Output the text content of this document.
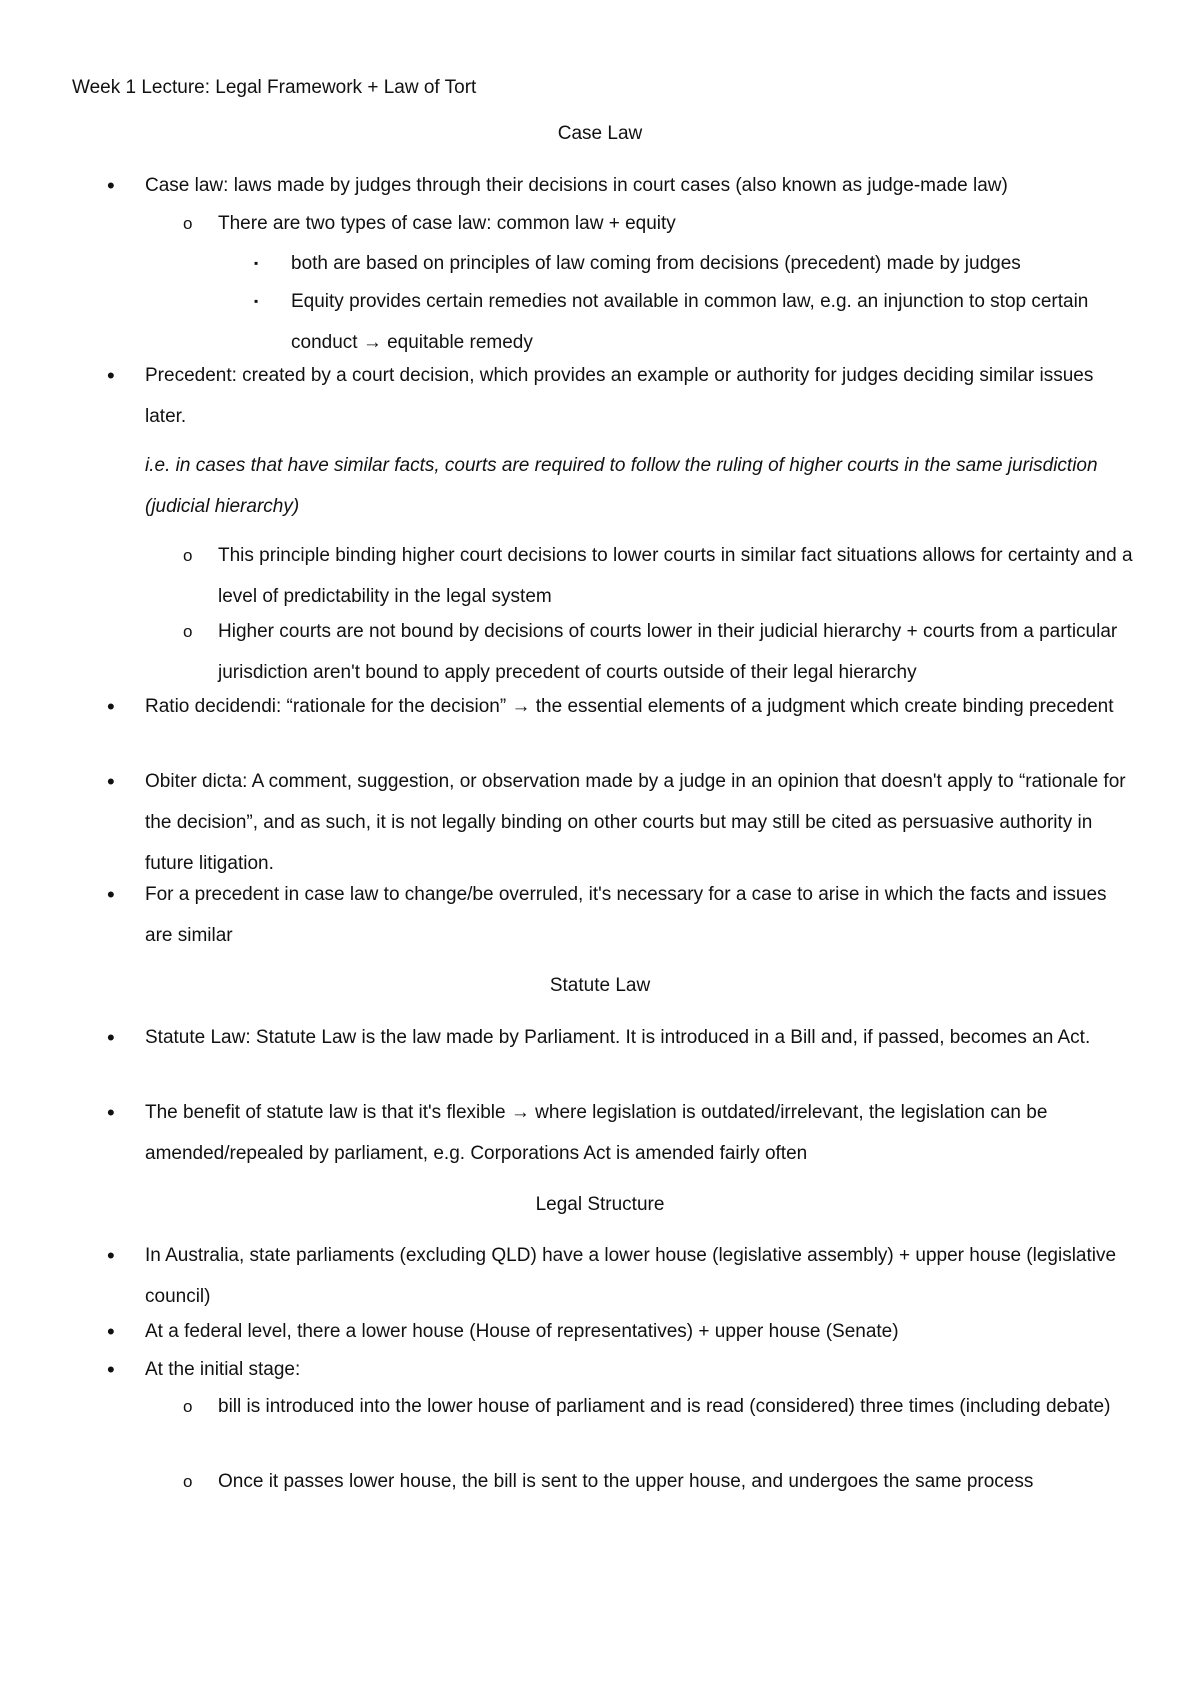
Week 1 Lecture: Legal Framework + Law of Tort
Case Law
• Case law: laws made by judges through their decisions in court cases (also known as judge-made law)

o There are two types of case law: common law + equity

▪ both are based on principles of law coming from decisions (precedent) made by judges

▪ Equity provides certain remedies not available in common law, e.g. an injunction to stop certain conduct → equitable remedy

• Precedent: created by a court decision, which provides an example or authority for judges deciding similar issues later.

i.e. in cases that have similar facts, courts are required to follow the ruling of higher courts in the same jurisdiction (judicial hierarchy)

o This principle binding higher court decisions to lower courts in similar fact situations allows for certainty and a level of predictability in the legal system

o Higher courts are not bound by decisions of courts lower in their judicial hierarchy + courts from a particular jurisdiction aren't bound to apply precedent of courts outside of their legal hierarchy

• Ratio decidendi: “rationale for the decision” → the essential elements of a judgment which create binding precedent

• Obiter dicta: A comment, suggestion, or observation made by a judge in an opinion that doesn't apply to “rationale for the decision”, and as such, it is not legally binding on other courts but may still be cited as persuasive authority in future litigation.

• For a precedent in case law to change/be overruled, it's necessary for a case to arise in which the facts and issues are similar

Statute Law
• Statute Law: Statute Law is the law made by Parliament. It is introduced in a Bill and, if passed, becomes an Act.

• The benefit of statute law is that it's flexible → where legislation is outdated/irrelevant, the legislation can be amended/repealed by parliament, e.g. Corporations Act is amended fairly often

Legal Structure
• In Australia, state parliaments (excluding QLD) have a lower house (legislative assembly) + upper house (legislative council)

• At a federal level, there a lower house (House of representatives) + upper house (Senate)

• At the initial stage:

o bill is introduced into the lower house of parliament and is read (considered) three times (including debate)

o Once it passes lower house, the bill is sent to the upper house, and undergoes the same process
